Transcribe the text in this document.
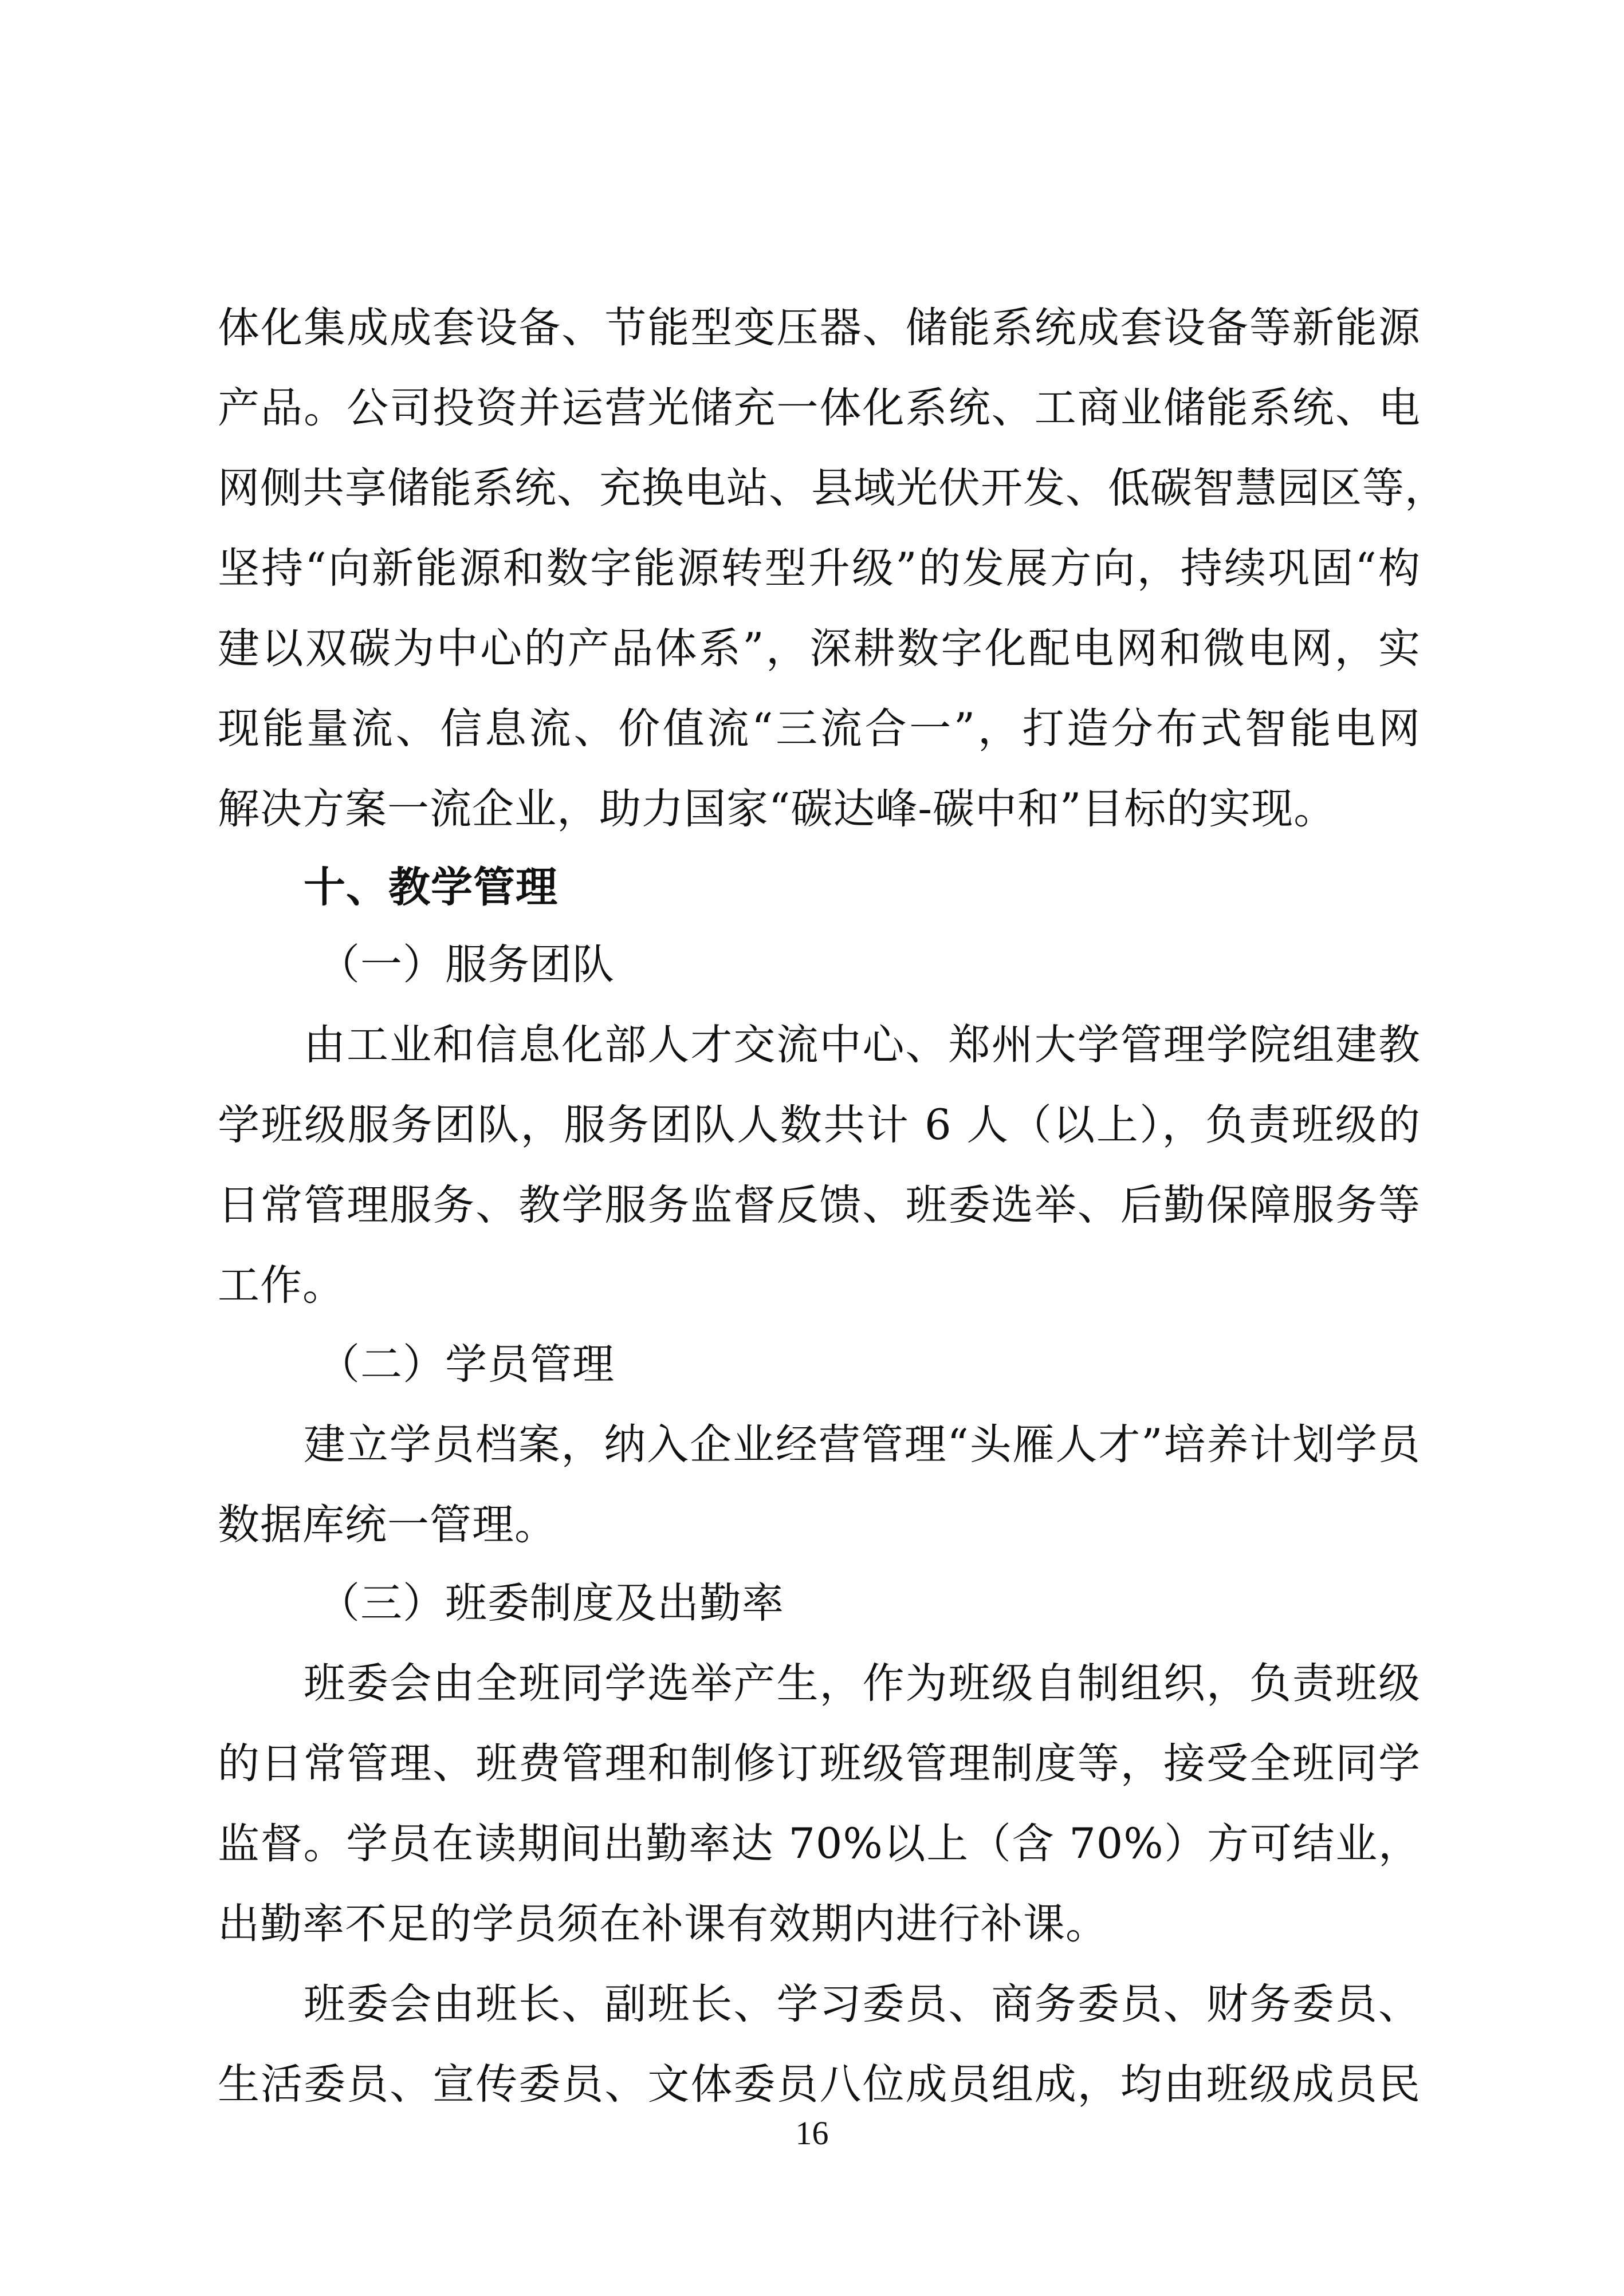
体化集成成套设备、节能型变压器、储能系统成套设备等新能源
产品。公司投资并运营光储充一体化系统、工商业储能系统、电
网侧共享储能系统、充换电站、县域光伏开发、低碳智慧园区等，
坚持“向新能源和数字能源转型升级”的发展方向，持续巩固“构
建以双碳为中心的产品体系”，深耕数字化配电网和微电网，实
现能量流、信息流、价值流“三流合一”，打造分布式智能电网
解决方案一流企业，助力国家“碳达峰-碳中和”目标的实现。
十、教学管理
（一）服务团队
由工业和信息化部人才交流中心、郑州大学管理学院组建教
学班级服务团队，服务团队人数共计 6 人（以上），负责班级的
日常管理服务、教学服务监督反馈、班委选举、后勤保障服务等
工作。
（二）学员管理
建立学员档案，纳入企业经营管理“头雁人才”培养计划学员
数据库统一管理。
（三）班委制度及出勤率
班委会由全班同学选举产生，作为班级自制组织，负责班级
的日常管理、班费管理和制修订班级管理制度等，接受全班同学
监督。学员在读期间出勤率达 70%以上（含 70%）方可结业，
出勤率不足的学员须在补课有效期内进行补课。
班委会由班长、副班长、学习委员、商务委员、财务委员、
生活委员、宣传委员、文体委员八位成员组成，均由班级成员民
16
